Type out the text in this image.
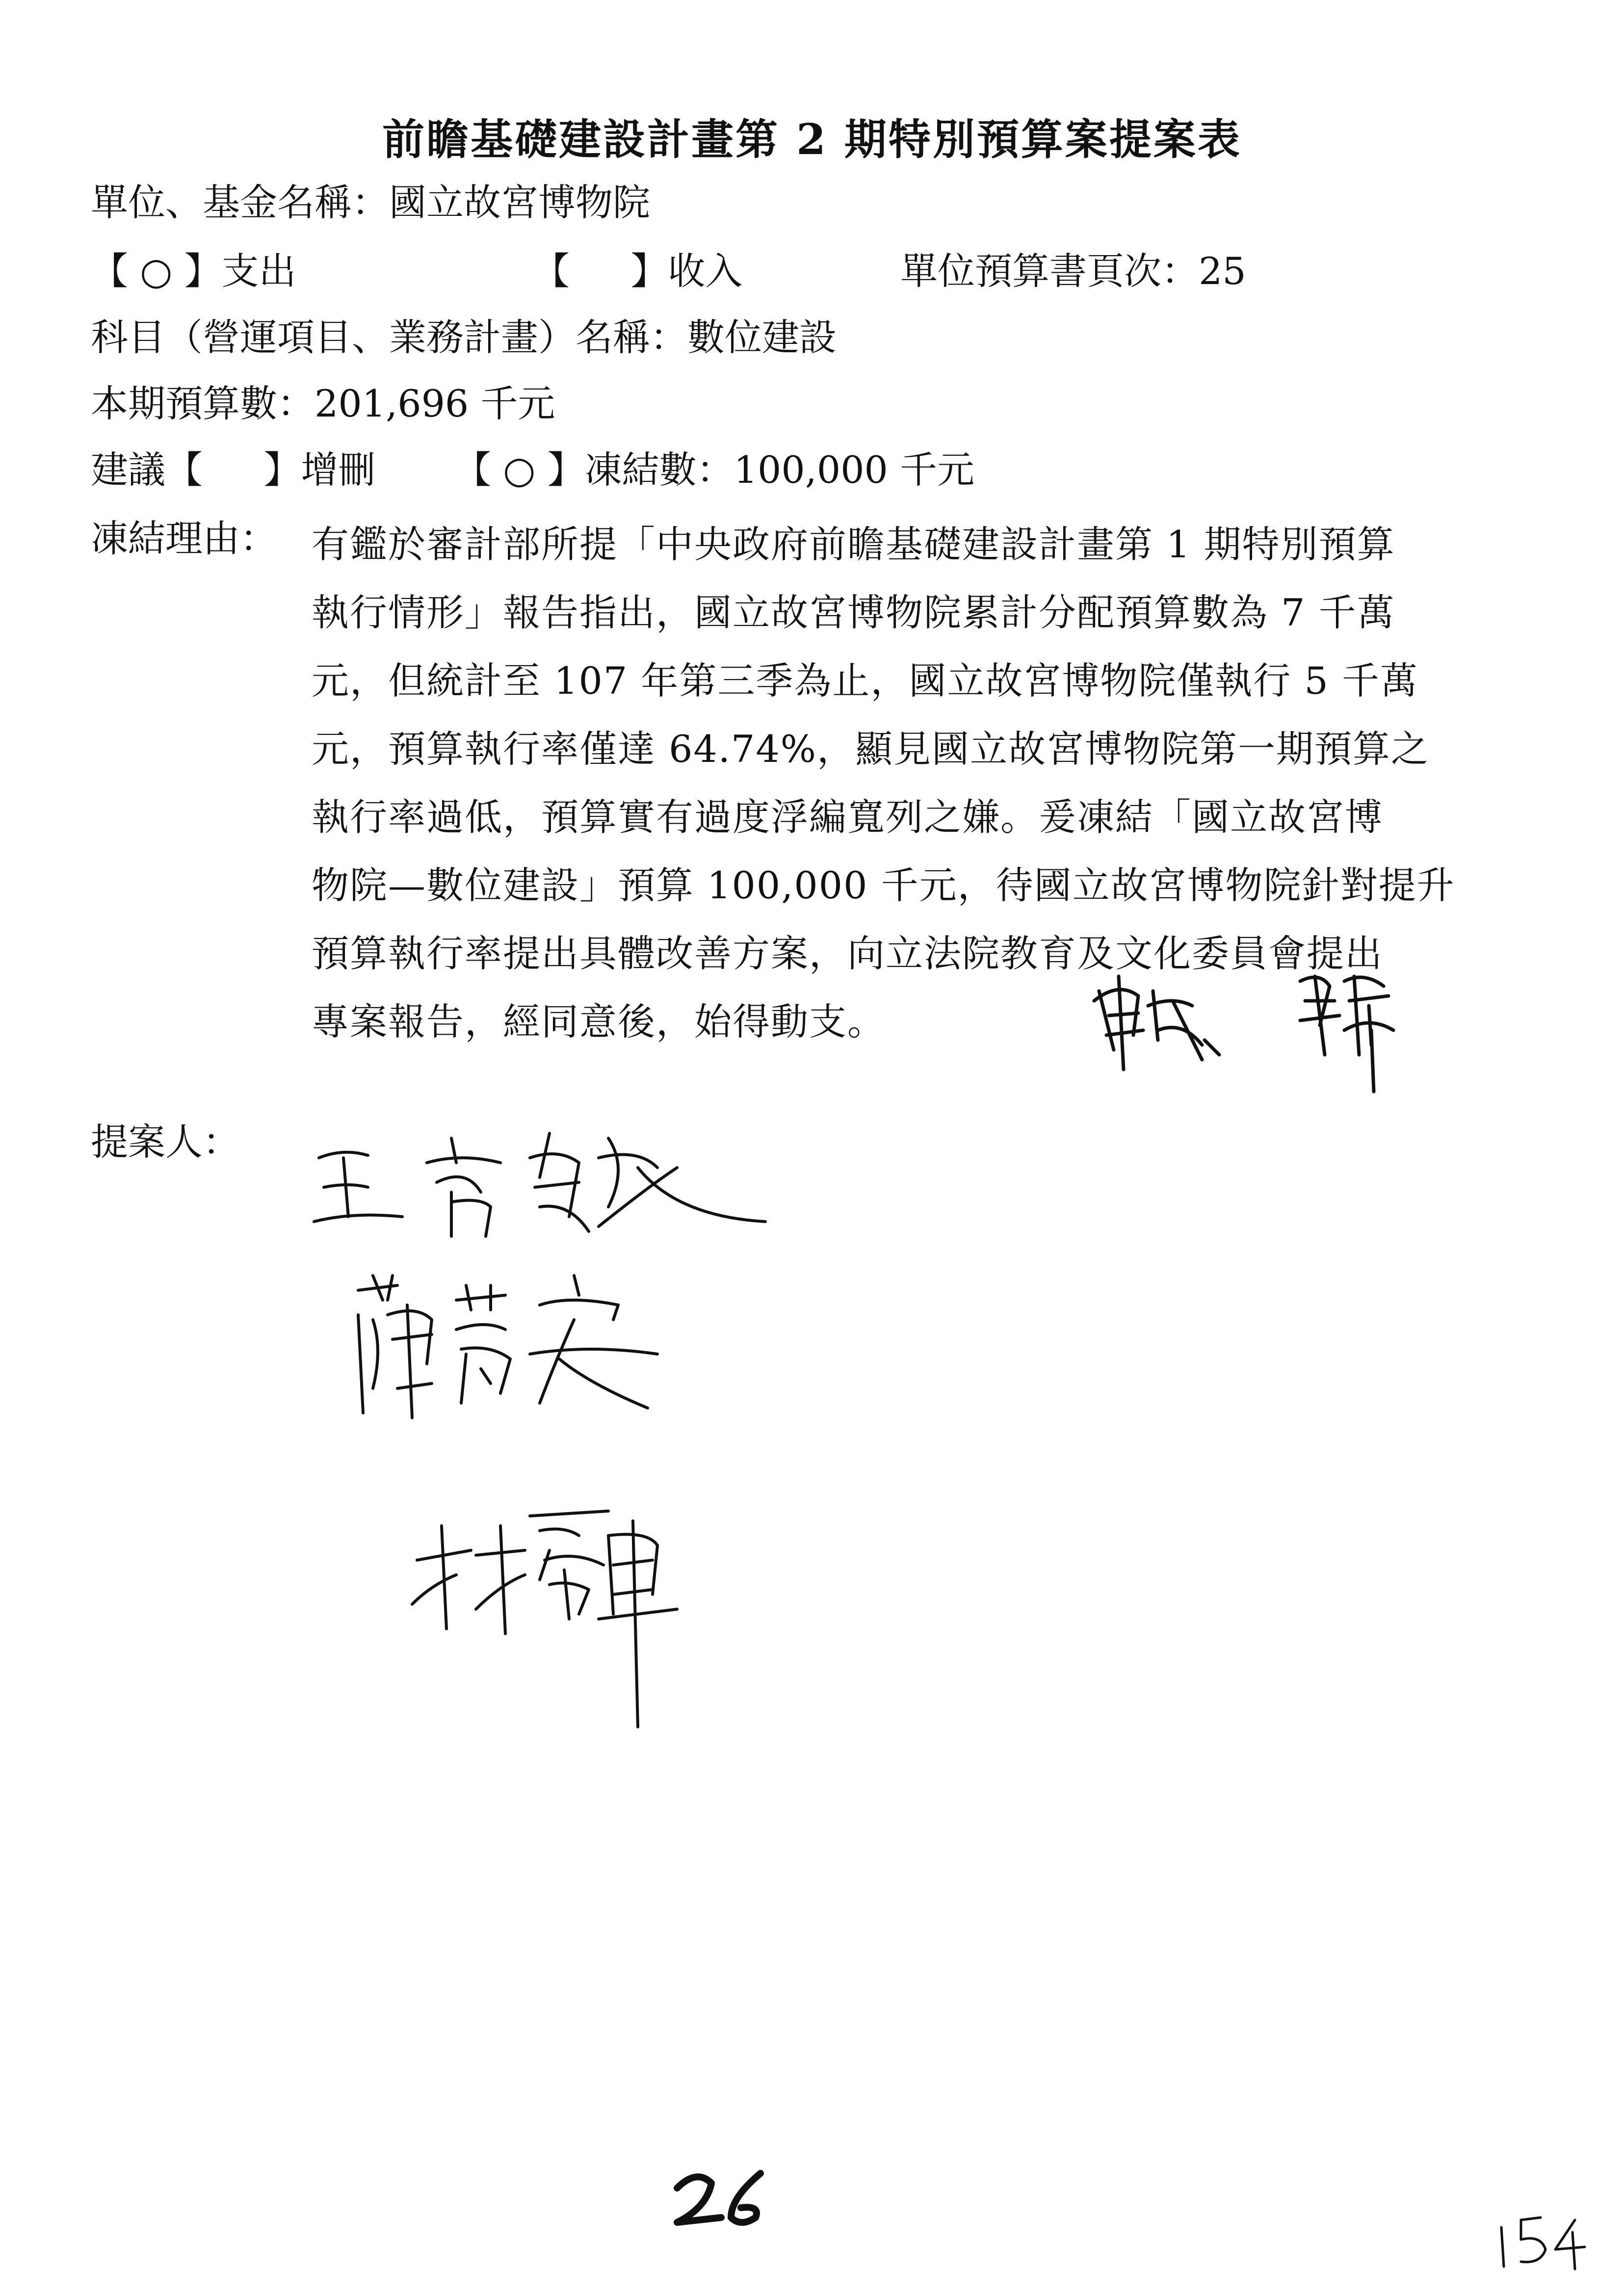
前瞻基礎建設計畫第 2 期特別預算案提案表
單位、基金名稱：國立故宮博物院
【 ○ 】支出	【 　 】收入	單位預算書頁次：25
科目（營運項目、業務計畫）名稱：數位建設
本期預算數：201,696 千元
建議【 　 】增刪 【 ○ 】凍結數：100,000 千元
凍結理由： 有鑑於審計部所提「中央政府前瞻基礎建設計畫第 1 期特別預算
執行情形」報告指出，國立故宮博物院累計分配預算數為 7 千萬
元，但統計至 107 年第三季為止，國立故宮博物院僅執行 5 千萬
元，預算執行率僅達 64.74%，顯見國立故宮博物院第一期預算之
執行率過低，預算實有過度浮編寬列之嫌。爰凍結「國立故宮博
物院—數位建設」預算 100,000 千元，待國立故宮博物院針對提升
預算執行率提出具體改善方案，向立法院教育及文化委員會提出
專案報告，經同意後，始得動支。
提案人：
